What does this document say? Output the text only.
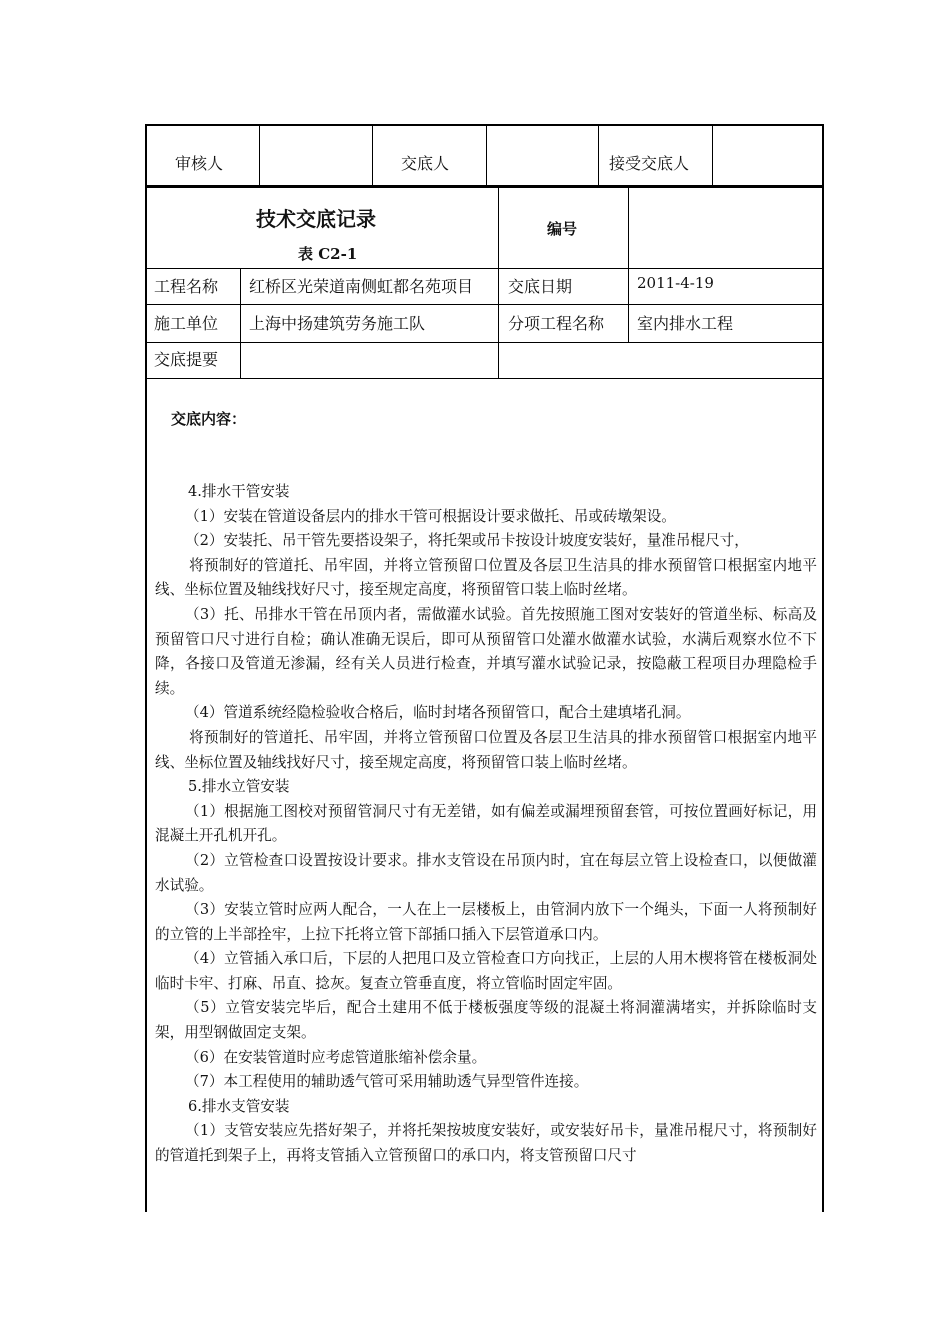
审核人	交底人	接受交底人
技术交底记录
表 C2-1
编号
工程名称 红桥区光荣道南侧虹都名苑项目 交底日期	2011-4-19
施工单位 上海中扬建筑劳务施工队	分项工程名称 室内排水工程
交底提要
交底内容：

4.排水干管安装

（1）安装在管道设备层内的排水干管可根据设计要求做托、吊或砖墩架设。

（2）安装托、吊干管先要搭设架子，将托架或吊卡按设计坡度安装好，量准吊棍尺寸，

将预制好的管道托、吊牢固，并将立管预留口位置及各层卫生洁具的排水预留管口根据室内地平线、坐标位置及轴线找好尺寸，接至规定高度，将预留管口装上临时丝堵。

（3）托、吊排水干管在吊顶内者，需做灌水试验。首先按照施工图对安装好的管道坐标、标高及预留管口尺寸进行自检；确认准确无误后，即可从预留管口处灌水做灌水试验，水满后观察水位不下降，各接口及管道无渗漏，经有关人员进行检查，并填写灌水试验记录，按隐蔽工程项目办理隐检手续。

（4）管道系统经隐检验收合格后，临时封堵各预留管口，配合土建填堵孔洞。

将预制好的管道托、吊牢固，并将立管预留口位置及各层卫生洁具的排水预留管口根据室内地平线、坐标位置及轴线找好尺寸，接至规定高度，将预留管口装上临时丝堵。

5.排水立管安装

（1）根据施工图校对预留管洞尺寸有无差错，如有偏差或漏埋预留套管，可按位置画好标记，用混凝土开孔机开孔。

（2）立管检查口设置按设计要求。排水支管设在吊顶内时，宜在每层立管上设检查口，以便做灌水试验。

（3）安装立管时应两人配合，一人在上一层楼板上，由管洞内放下一个绳头，下面一人将预制好的立管的上半部拴牢，上拉下托将立管下部插口插入下层管道承口内。

（4）立管插入承口后，下层的人把甩口及立管检查口方向找正，上层的人用木楔将管在楼板洞处临时卡牢、打麻、吊直、捻灰。复查立管垂直度，将立管临时固定牢固。

（5）立管安装完毕后，配合土建用不低于楼板强度等级的混凝土将洞灌满堵实，并拆除临时支架，用型钢做固定支架。

（6）在安装管道时应考虑管道胀缩补偿余量。

（7）本工程使用的辅助透气管可采用辅助透气异型管件连接。

6.排水支管安装

（1）支管安装应先搭好架子，并将托架按坡度安装好，或安装好吊卡，量准吊棍尺寸，将预制好的管道托到架子上，再将支管插入立管预留口的承口内，将支管预留口尺寸
